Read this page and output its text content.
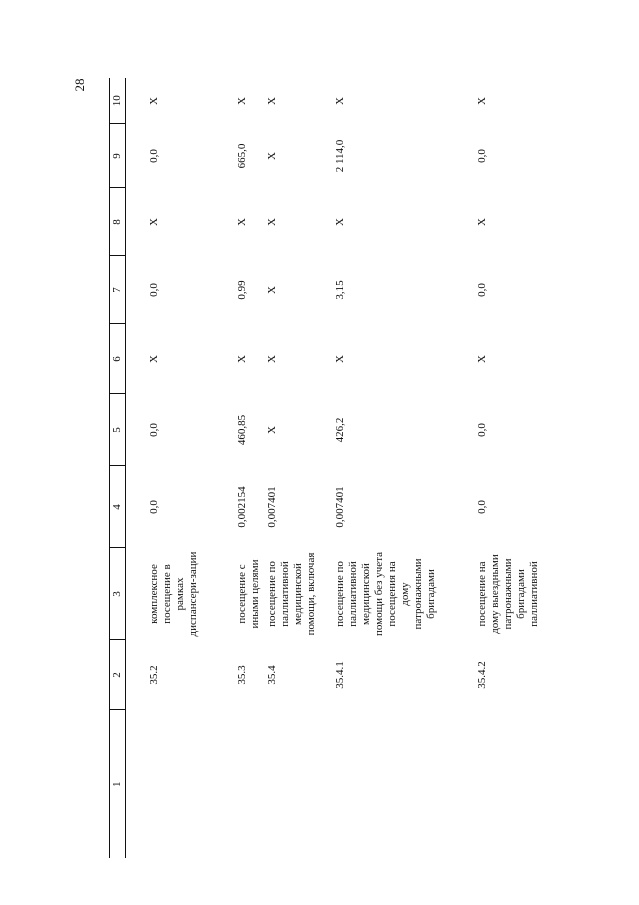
28
1	2	3	4	5	6	7	8	9	10
	35.2	комплексное посещение в рамках диспансери-зации	0,0	0,0	X	0,0	X	0,0	X
	35.3	посещение с иными целями	0,002154	460,85	X	0,99	X	665,0	X
	35.4	посещение по паллиативной медицинской помощи, включая	0,007401	X	X	X	X	X	X
	35.4.1	посещение по паллиативной медицинской помощи без учета посещения на дому патронажными бригадами	0,007401	426,2	X	3,15	X	2 114,0	X
	35.4.2	посещение на дому выездными патронажными бригадами паллиативной	0,0	0,0	X	0,0	X	0,0	X
